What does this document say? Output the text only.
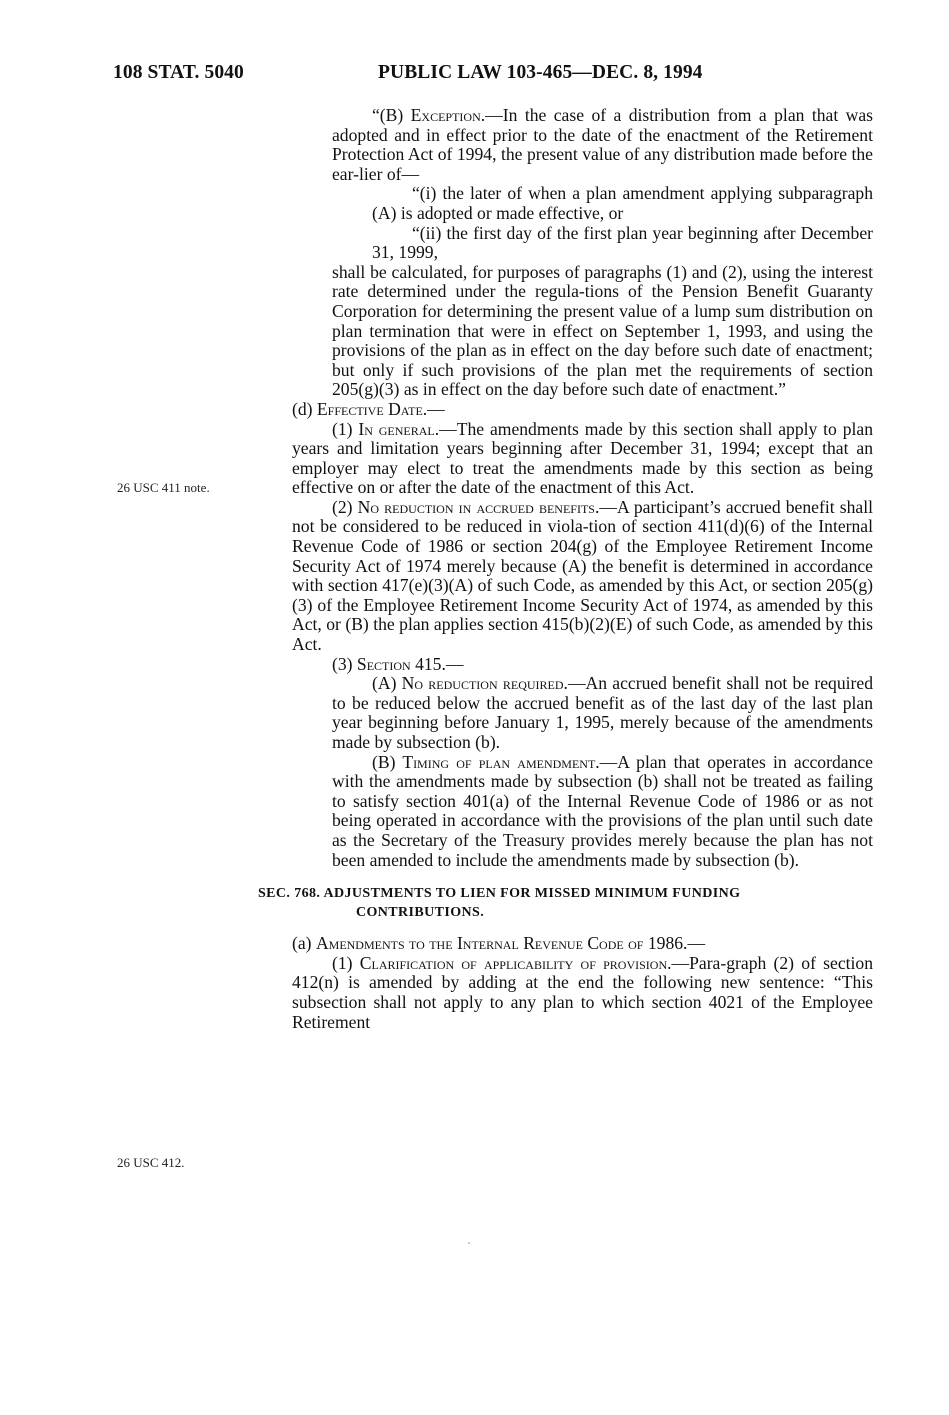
108 STAT. 5040	PUBLIC LAW 103-465—DEC. 8, 1994
26 USC 411 note.
26 USC 412.

“(B) Exception.—In the case of a distribution from a plan that was adopted and in effect prior to the date of the enactment of the Retirement Protection Act of 1994, the present value of any distribution made before the ear-lier of—

“(i) the later of when a plan amendment applying subparagraph (A) is adopted or made effective, or

“(ii) the first day of the first plan year beginning after December 31, 1999,

shall be calculated, for purposes of paragraphs (1) and (2), using the interest rate determined under the regula-tions of the Pension Benefit Guaranty Corporation for determining the present value of a lump sum distribution on plan termination that were in effect on September 1, 1993, and using the provisions of the plan as in effect on the day before such date of enactment; but only if such provisions of the plan met the requirements of section 205(g)(3) as in effect on the day before such date of enactment.”

(d) Effective Date.—

(1) In general.—The amendments made by this section shall apply to plan years and limitation years beginning after December 31, 1994; except that an employer may elect to treat the amendments made by this section as being effective on or after the date of the enactment of this Act.

(2) No reduction in accrued benefits.—A participant’s accrued benefit shall not be considered to be reduced in viola-tion of section 411(d)(6) of the Internal Revenue Code of 1986 or section 204(g) of the Employee Retirement Income Security Act of 1974 merely because (A) the benefit is determined in accordance with section 417(e)(3)(A) of such Code, as amended by this Act, or section 205(g)(3) of the Employee Retirement Income Security Act of 1974, as amended by this Act, or (B) the plan applies section 415(b)(2)(E) of such Code, as amended by this Act.

(3) Section 415.—

(A) No reduction required.—An accrued benefit shall not be required to be reduced below the accrued benefit as of the last day of the last plan year beginning before January 1, 1995, merely because of the amendments made by subsection (b).

(B) Timing of plan amendment.—A plan that operates in accordance with the amendments made by subsection (b) shall not be treated as failing to satisfy section 401(a) of the Internal Revenue Code of 1986 or as not being operated in accordance with the provisions of the plan until such date as the Secretary of the Treasury provides merely because the plan has not been amended to include the amendments made by subsection (b).

SEC. 768. ADJUSTMENTS TO LIEN FOR MISSED MINIMUM FUNDING
CONTRIBUTIONS.

(a) Amendments to the Internal Revenue Code of 1986.—

(1) Clarification of applicability of provision.—Para-graph (2) of section 412(n) is amended by adding at the end the following new sentence: “This subsection shall not apply to any plan to which section 4021 of the Employee Retirement
